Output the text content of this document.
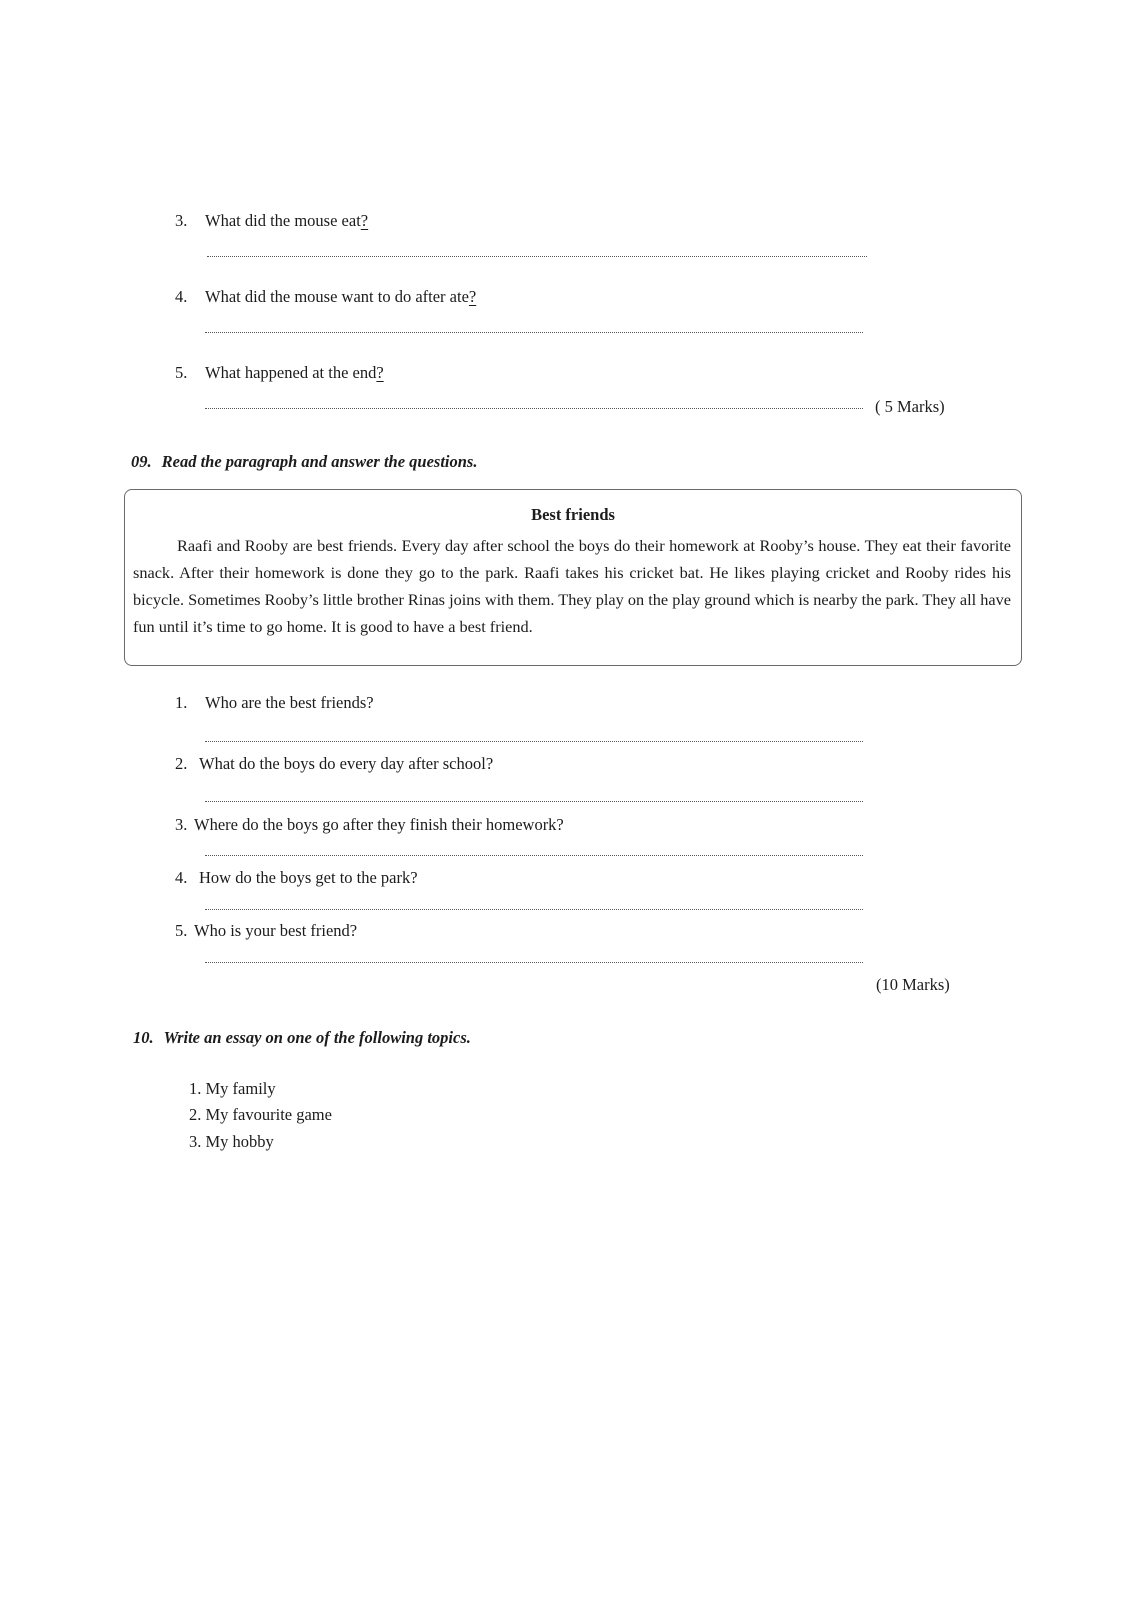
3. What did the mouse eat?
4. What did the mouse want to do after ate?
5. What happened at the end?
( 5 Marks)
09. Read the paragraph and answer the questions.
Best friends
Raafi and Rooby are best friends. Every day after school the boys do their homework at Rooby’s house. They eat their favorite snack. After their homework is done they go to the park. Raafi takes his cricket bat. He likes playing cricket and Rooby rides his bicycle. Sometimes Rooby’s little brother Rinas joins with them. They play on the play ground which is nearby the park. They all have fun until it’s time to go home. It is good to have a best friend.
1. Who are the best friends?
2. What do the boys do every day after school?
3. Where do the boys go after they finish their homework?
4. How do the boys get to the park?
5. Who is your best friend?
(10 Marks)
10. Write an essay on one of the following topics.
1. My family
2. My favourite game
3. My hobby
